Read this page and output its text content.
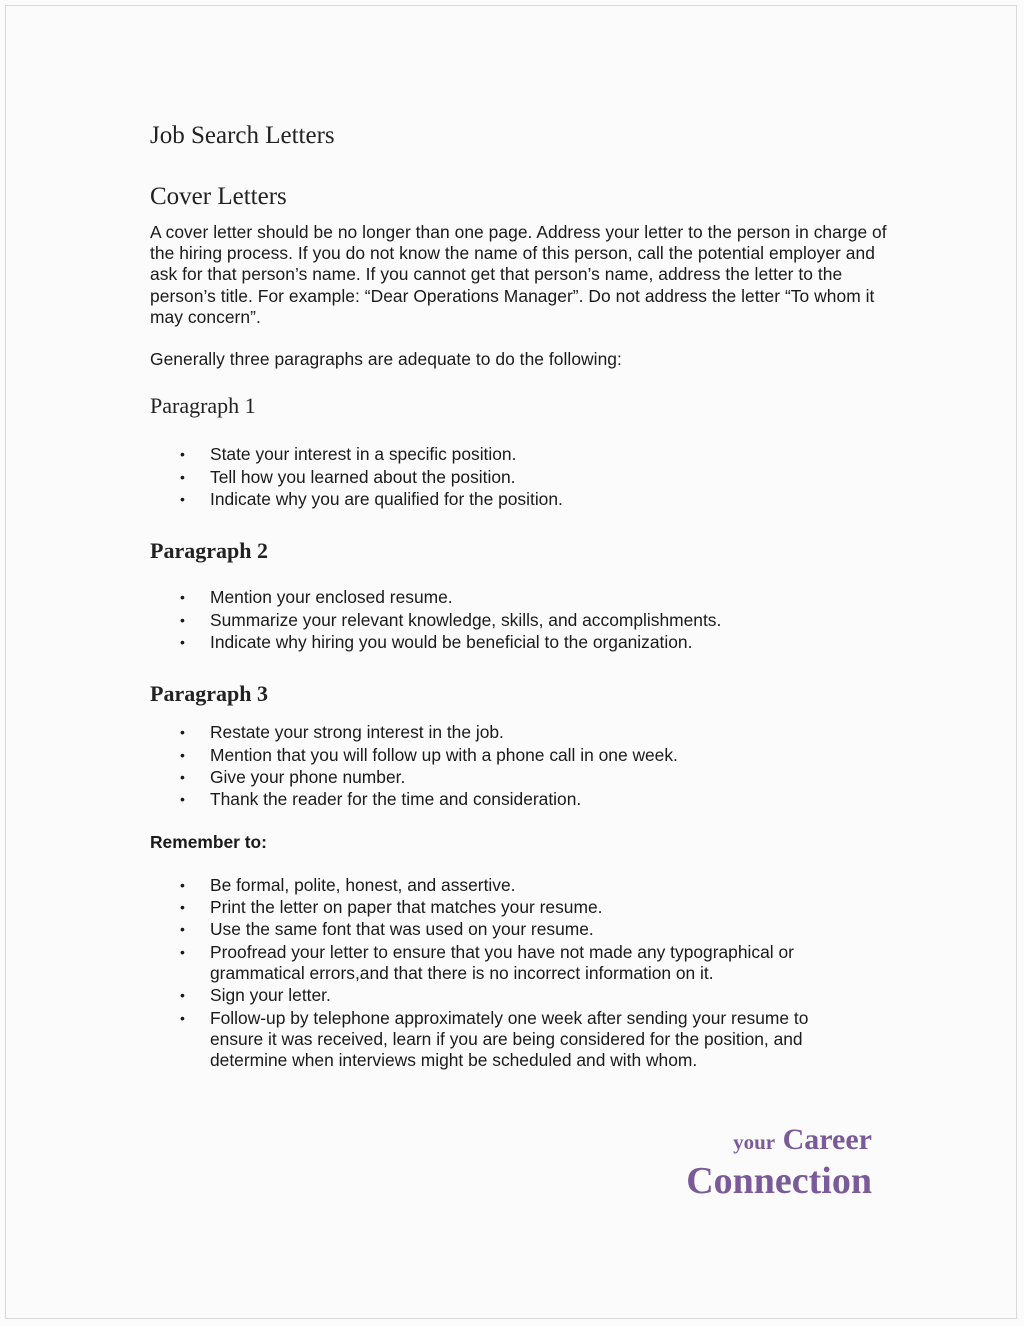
Job Search Letters
Cover Letters

A cover letter should be no longer than one page. Address your letter to the person in charge of the hiring process. If you do not know the name of this person, call the potential employer and ask for that person’s name. If you cannot get that person’s name, address the letter to the person’s title. For example: “Dear Operations Manager”. Do not address the letter “To whom it may concern”.

Generally three paragraphs are adequate to do the following:

Paragraph 1
• State your interest in a specific position.
• Tell how you learned about the position.
• Indicate why you are qualified for the position.
Paragraph 2
• Mention your enclosed resume.
• Summarize your relevant knowledge, skills, and accomplishments.
• Indicate why hiring you would be beneficial to the organization.
Paragraph 3
• Restate your strong interest in the job.
• Mention that you will follow up with a phone call in one week.
• Give your phone number.
• Thank the reader for the time and consideration.
Remember to:
• Be formal, polite, honest, and assertive.
• Print the letter on paper that matches your resume.
• Use the same font that was used on your resume.
• Proofread your letter to ensure that you have not made any typographical or grammatical errors,and that there is no incorrect information on it.
• Sign your letter.
• Follow-up by telephone approximately one week after sending your resume to ensure it was received, learn if you are being considered for the position, and determine when interviews might be scheduled and with whom.
your Career
Connection
